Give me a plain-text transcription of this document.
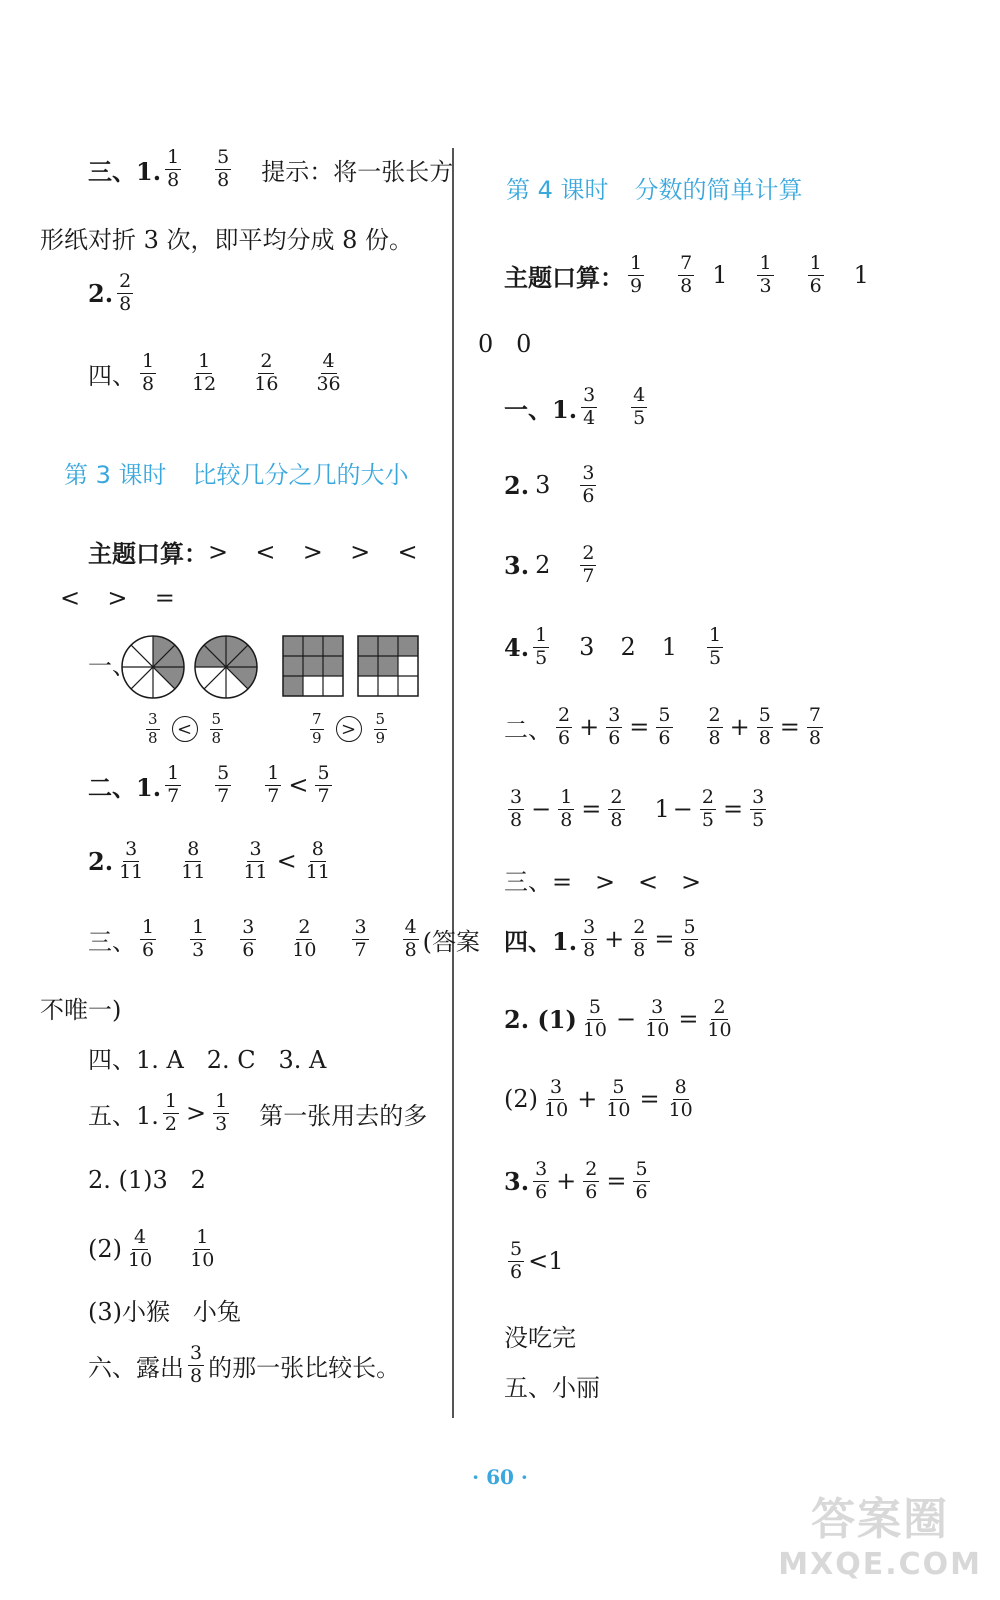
三、1. $\frac{1}{8} \frac{5}{8}$ 提示：将一张长方
形纸对折 3 次，即平均分成 8 份。
2. $\frac{2}{8}$
四、 $\frac{1}{8} \frac{1}{12} \frac{2}{16} \frac{4}{36}$
第 3 课时 比较几分之几的大小
主题口算： >  <  >  >  <
<  >  =
一、
$\frac{3}{8}$ <	$\frac{5}{8}$	$\frac{7}{9}$ >	$\frac{5}{9}$
二、1. $\frac{1}{7} \frac{5}{7} \frac{1}{7} < \frac{5}{7}$
2. $\frac{3}{11} \frac{8}{11} \frac{3}{11} < \frac{8}{11}$
三、 $\frac{1}{6} \frac{1}{3} \frac{3}{6} \frac{2}{10} \frac{3}{7} \frac{4}{8}$ (答案
不唯一)
四、1. A   2. C   3. A
五、1. $\frac{1}{2} > \frac{1}{3}$ 第一张用去的多
2. (1)3   2
$(2) \frac{4}{10} \frac{1}{10}$
(3)小猴   小兔
六、露出 $\frac{3}{8}$ 的那一张比较长。
第 4 课时 分数的简单计算
主题口算： $\frac{1}{9} \frac{7}{8} 1 \frac{1}{3} \frac{1}{6} 1$
0   0
一、1. $\frac{3}{4} \frac{4}{5}$
2. $3 \frac{3}{6}$
3. $2 \frac{2}{7}$
4. $\frac{1}{5} 3$ 2 $1 \frac{1}{5}$
二、 $\frac{2}{6} + \frac{3}{6} = \frac{5}{6} \frac{2}{8} + \frac{5}{8} = \frac{7}{8}$
$\frac{3}{8} - \frac{1}{8} = \frac{2}{8} 1 - \frac{2}{5} = \frac{3}{5}$
三、=   >   <   >
四、1. $\frac{3}{8} + \frac{2}{8} = \frac{5}{8}$
2. $(1) \frac{5}{10} - \frac{3}{10} = \frac{2}{10}$
$(2) \frac{3}{10} + \frac{5}{10} = \frac{8}{10}$
3. $\frac{3}{6} + \frac{2}{6} = \frac{5}{6}$
$\frac{5}{6} <1$
没吃完
五、小丽
· 60 ·
答案圈
MXQE.COM
